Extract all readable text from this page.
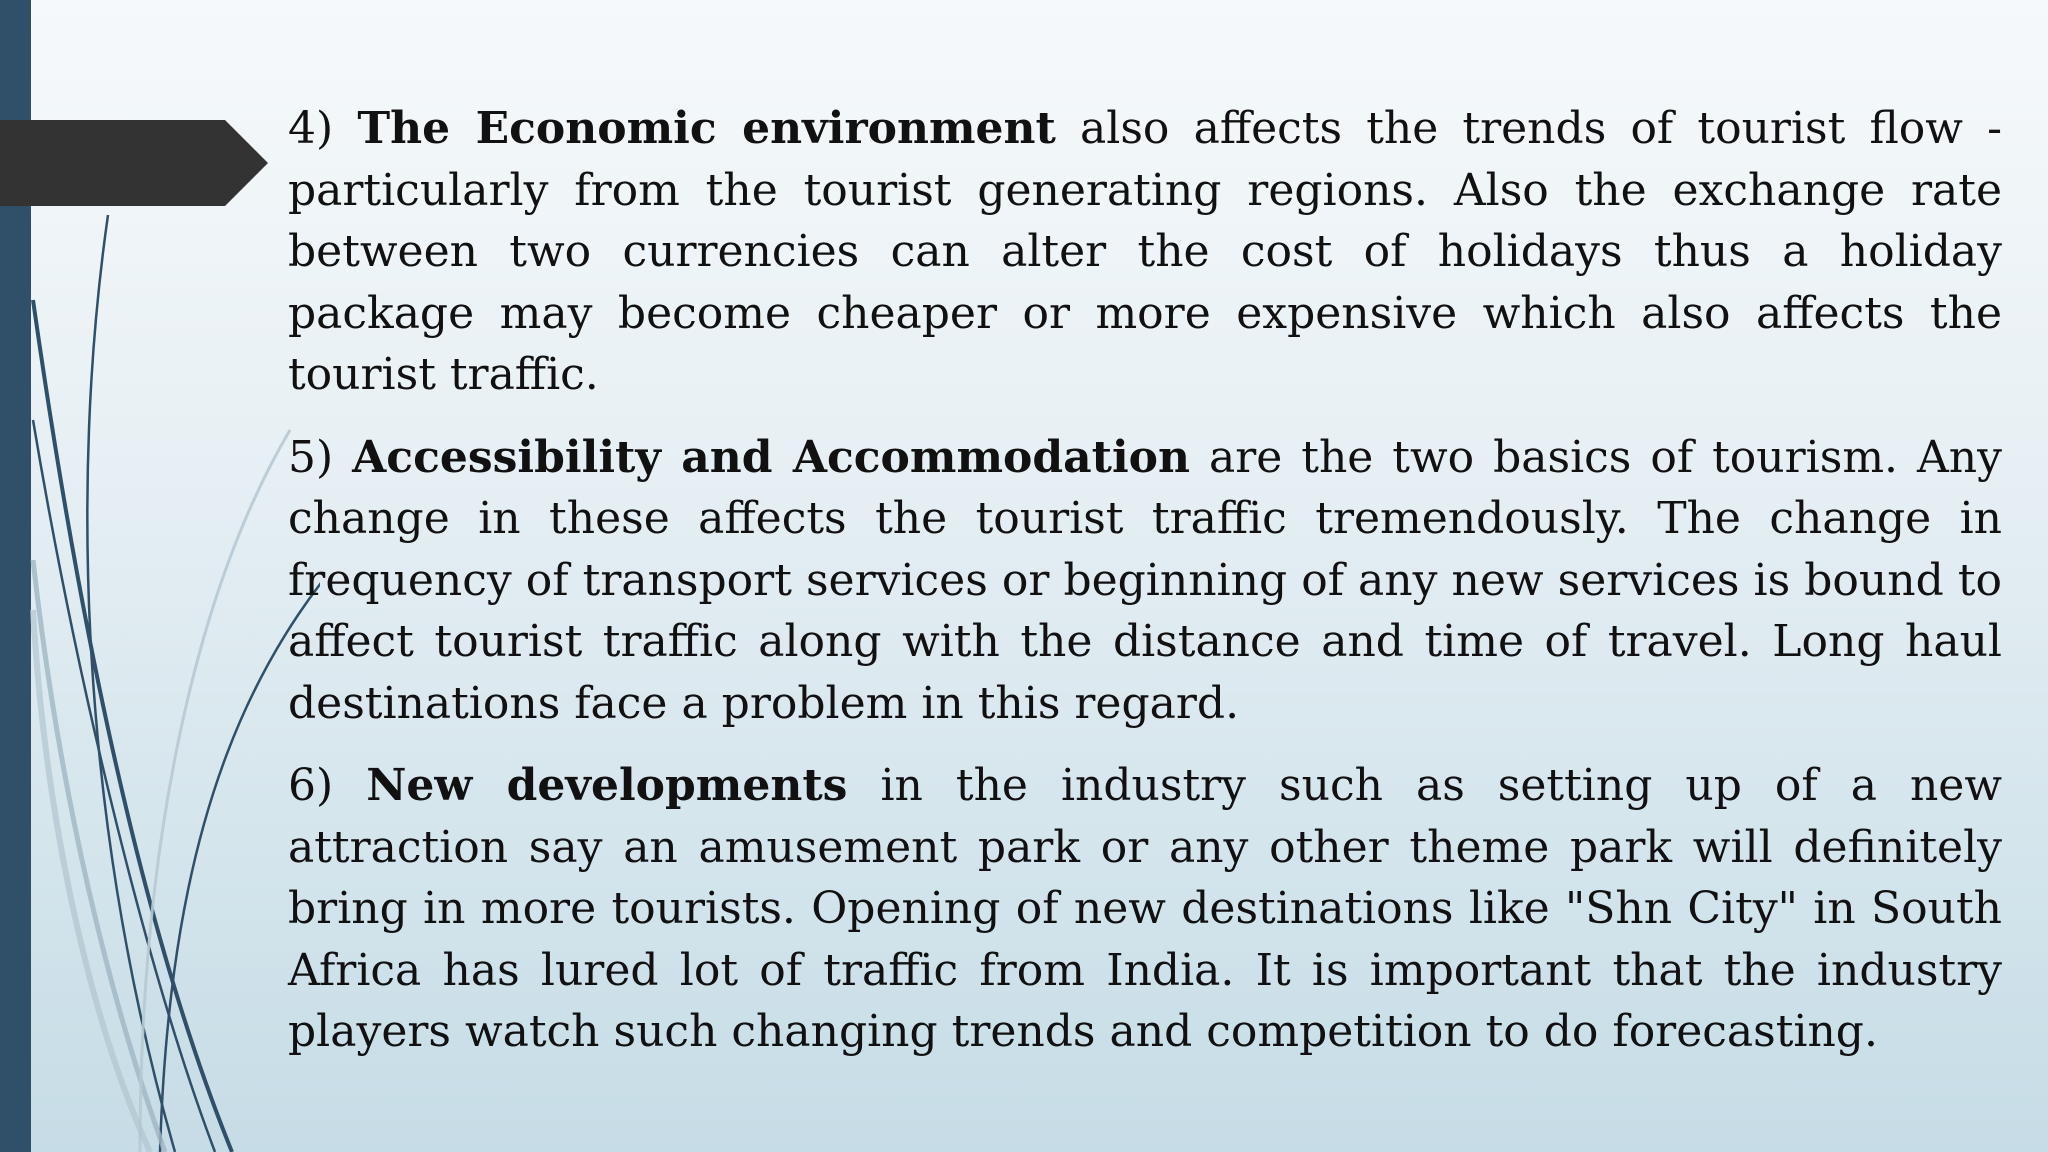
4) The Economic environment also affects the trends of tourist flow - particularly from the tourist generating regions. Also the exchange rate between two currencies can alter the cost of holidays thus a holiday package may become cheaper or more expensive which also affects the tourist traffic.

5) Accessibility and Accommodation are the two basics of tourism. Any change in these affects the tourist traffic tremendously. The change in frequency of transport services or beginning of any new services is bound to affect tourist traffic along with the distance and time of travel. Long haul destinations face a problem in this regard.

6) New developments in the industry such as setting up of a new attraction say an amusement park or any other theme park will definitely bring in more tourists. Opening of new destinations like "Shn City" in South Africa has lured lot of traffic from India. It is important that the industry players watch such changing trends and competition to do forecasting.
